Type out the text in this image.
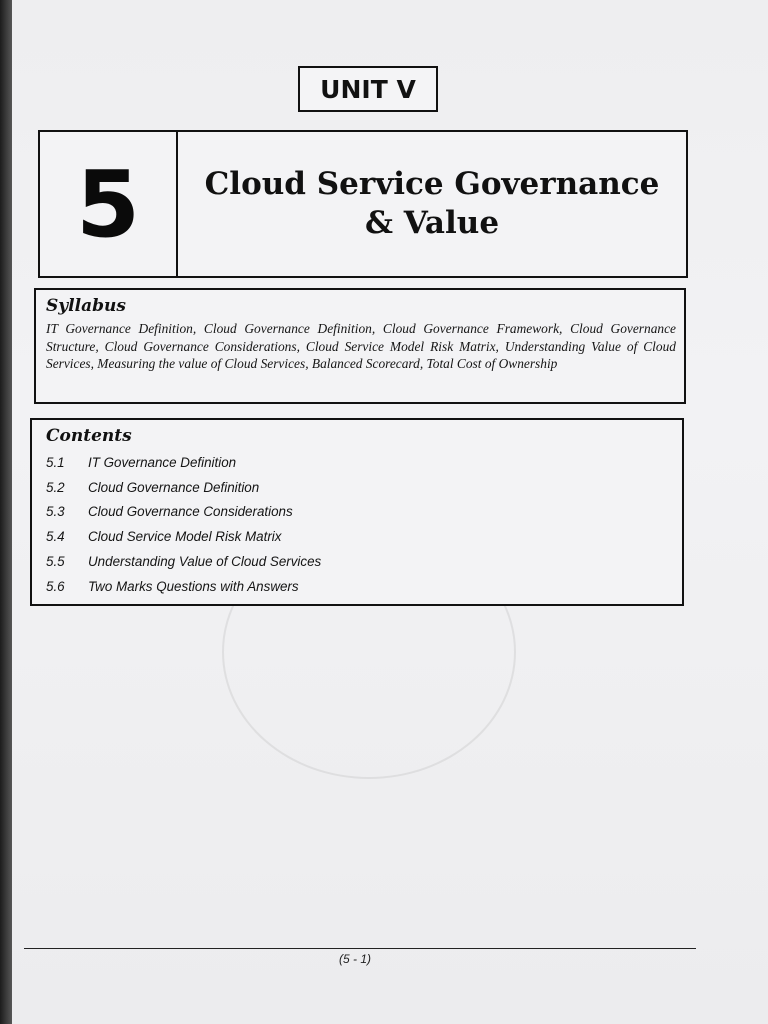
UNIT V
5	Cloud Service Governance
& Value
Syllabus
IT Governance Definition, Cloud Governance Definition, Cloud Governance Framework, Cloud Governance Structure, Cloud Governance Considerations, Cloud Service Model Risk Matrix, Understanding Value of Cloud Services, Measuring the value of Cloud Services, Balanced Scorecard, Total Cost of Ownership
Contents
5.1	IT Governance Definition
5.2	Cloud Governance Definition
5.3	Cloud Governance Considerations
5.4	Cloud Service Model Risk Matrix
5.5	Understanding Value of Cloud Services
5.6	Two Marks Questions with Answers
(5 - 1)
